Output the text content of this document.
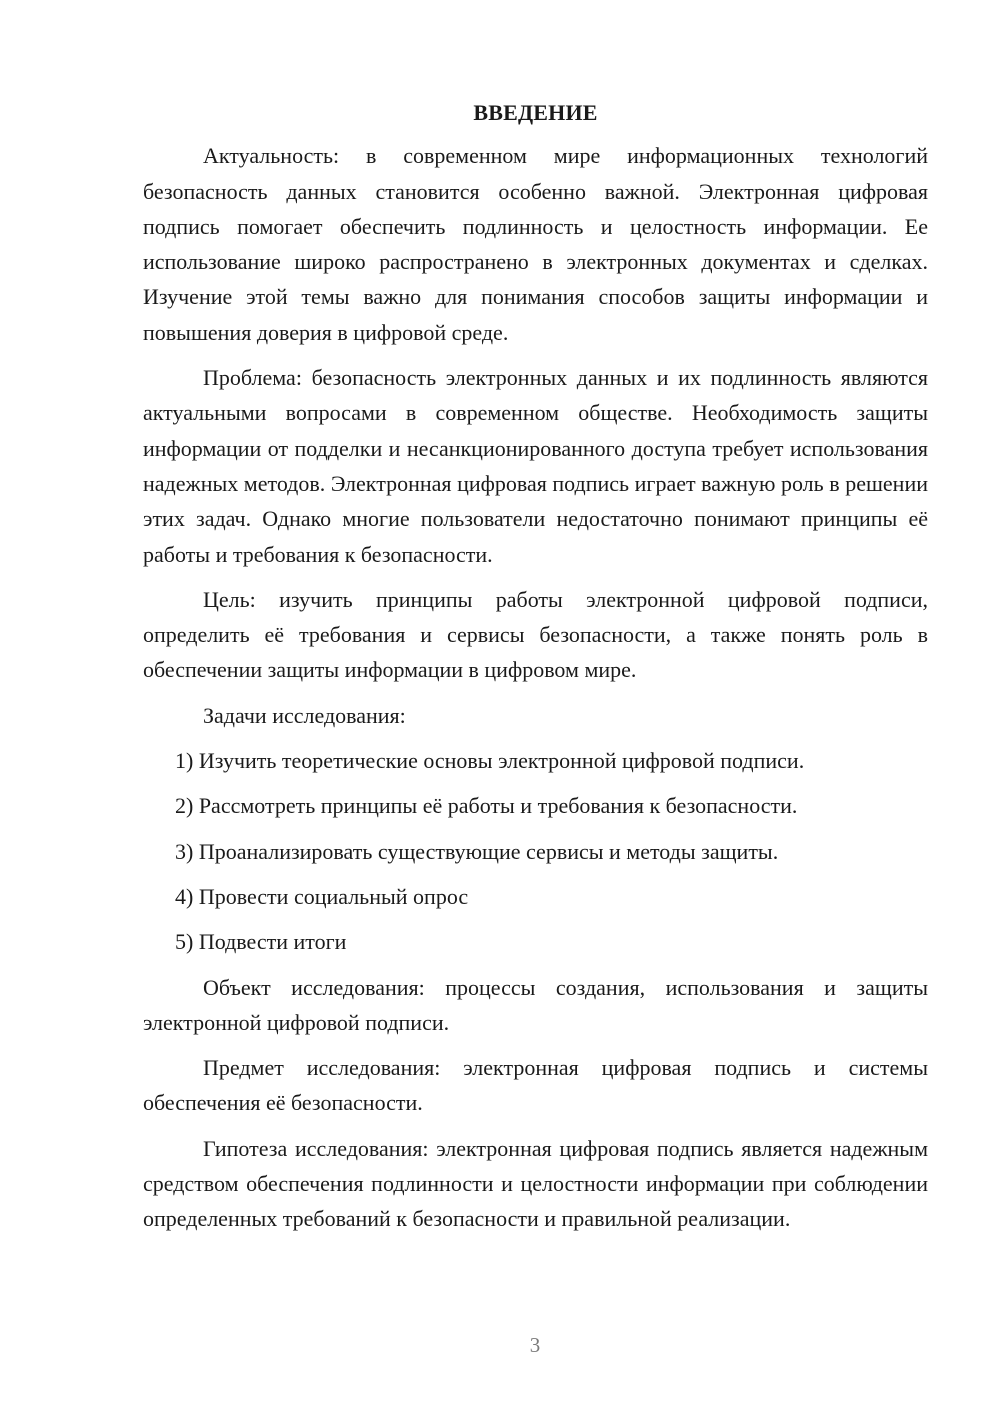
ВВЕДЕНИЕ

Актуальность: в современном мире информационных технологий безопасность данных становится особенно важной. Электронная цифровая подпись помогает обеспечить подлинность и целостность информации. Ее использование широко распространено в электронных документах и сделках. Изучение этой темы важно для понимания способов защиты информации и повышения доверия в цифровой среде.

Проблема: безопасность электронных данных и их подлинность являются актуальными вопросами в современном обществе. Необходимость защиты информации от подделки и несанкционированного доступа требует использования надежных методов. Электронная цифровая подпись играет важную роль в решении этих задач. Однако многие пользователи недостаточно понимают принципы её работы и требования к безопасности.

Цель: изучить принципы работы электронной цифровой подписи, определить её требования и сервисы безопасности, а также понять роль в обеспечении защиты информации в цифровом мире.

Задачи исследования:
1) Изучить теоретические основы электронной цифровой подписи.
2) Рассмотреть принципы её работы и требования к безопасности.
3) Проанализировать существующие сервисы и методы защиты.
4) Провести социальный опрос
5) Подвести итоги

Объект исследования: процессы создания, использования и защиты электронной цифровой подписи.

Предмет исследования: электронная цифровая подпись и системы обеспечения её безопасности.

Гипотеза исследования: электронная цифровая подпись является надежным средством обеспечения подлинности и целостности информации при соблюдении определенных требований к безопасности и правильной реализации.

3
